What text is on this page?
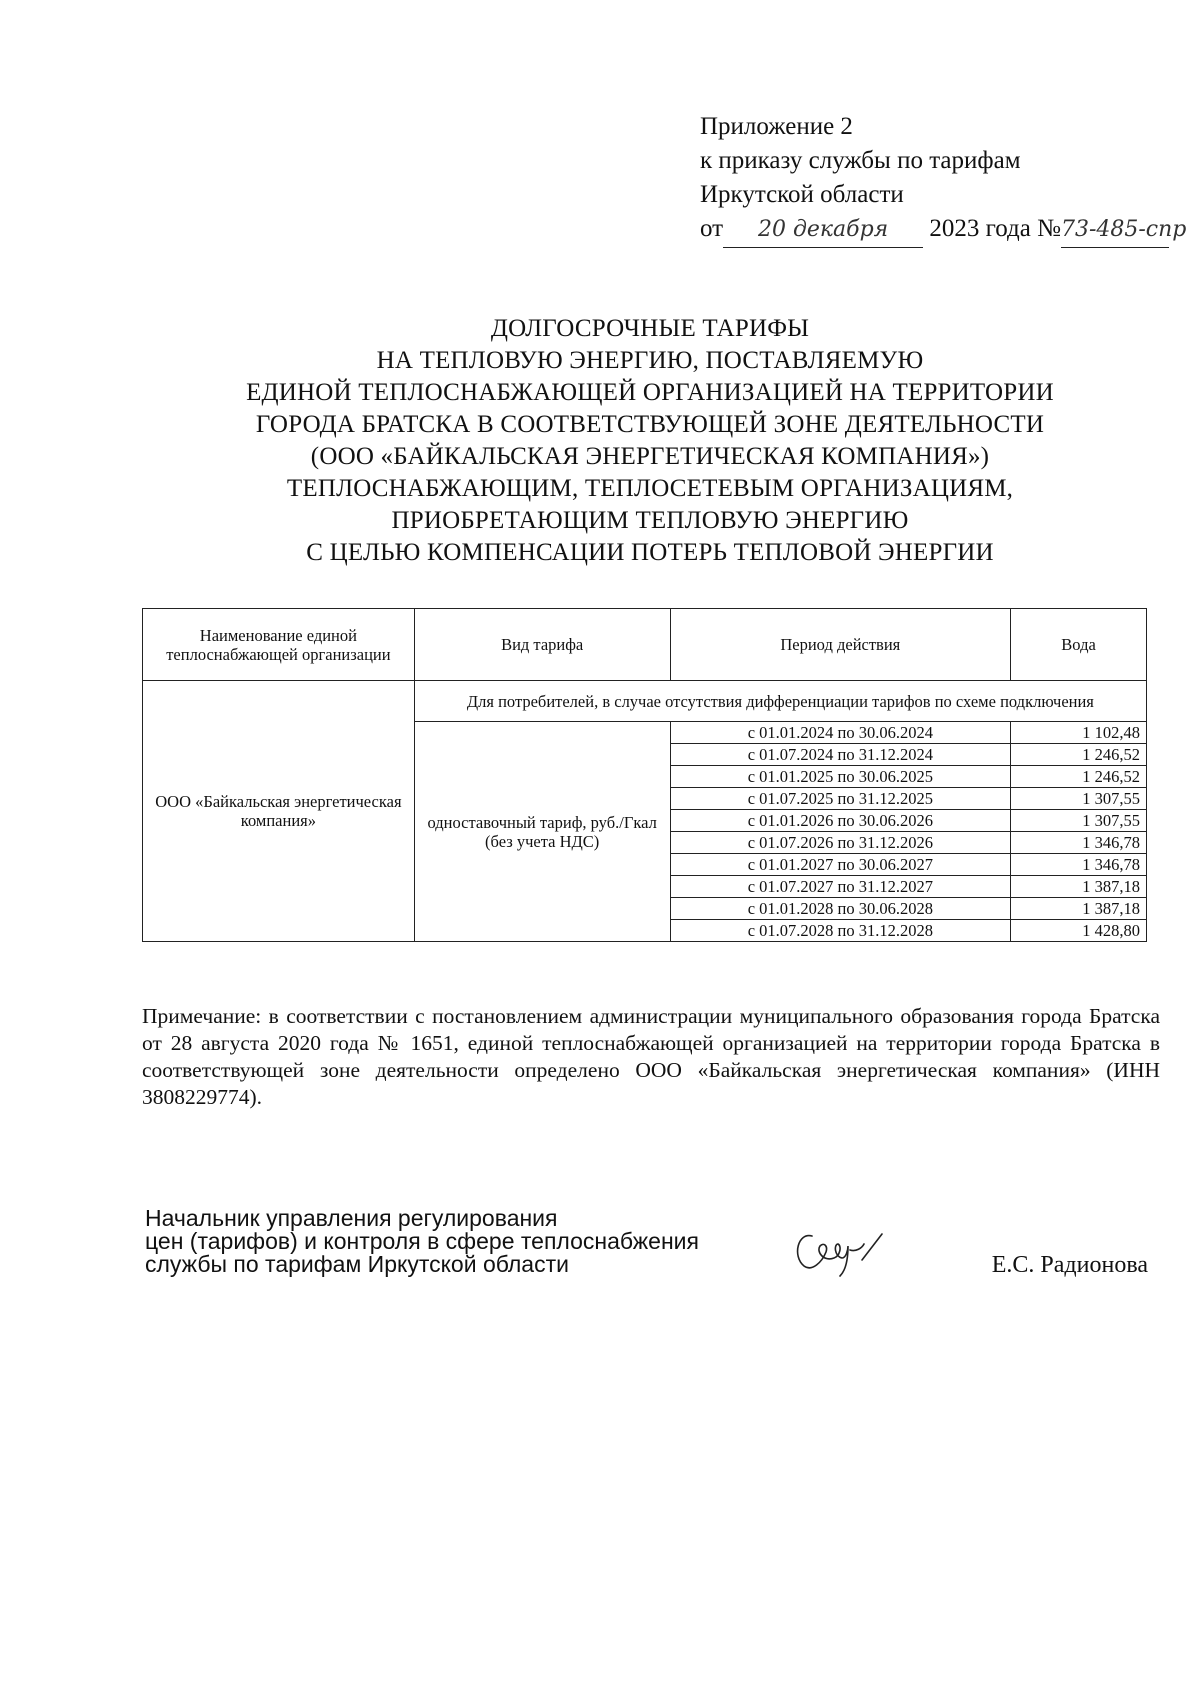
Приложение 2
к приказу службы по тарифам
Иркутской области
от 20 декабря 2023 года №73-485-спр
ДОЛГОСРОЧНЫЕ ТАРИФЫ
НА ТЕПЛОВУЮ ЭНЕРГИЮ, ПОСТАВЛЯЕМУЮ
ЕДИНОЙ ТЕПЛОСНАБЖАЮЩЕЙ ОРГАНИЗАЦИЕЙ НА ТЕРРИТОРИИ
ГОРОДА БРАТСКА В СООТВЕТСТВУЮЩЕЙ ЗОНЕ ДЕЯТЕЛЬНОСТИ
(ООО «БАЙКАЛЬСКАЯ ЭНЕРГЕТИЧЕСКАЯ КОМПАНИЯ»)
ТЕПЛОСНАБЖАЮЩИМ, ТЕПЛОСЕТЕВЫМ ОРГАНИЗАЦИЯМ,
ПРИОБРЕТАЮЩИМ ТЕПЛОВУЮ ЭНЕРГИЮ
С ЦЕЛЬЮ КОМПЕНСАЦИИ ПОТЕРЬ ТЕПЛОВОЙ ЭНЕРГИИ
Наименование единой теплоснабжающей организации	Вид тарифа	Период действия	Вода
ООО «Байкальская энергетическая компания»	Для потребителей, в случае отсутствия дифференциации тарифов по схеме подключения		
	одноставочный тариф, руб./Гкал (без учета НДС)	с 01.01.2024 по 30.06.2024	1 102,48
		с 01.07.2024 по 31.12.2024	1 246,52
		с 01.01.2025 по 30.06.2025	1 246,52
		с 01.07.2025 по 31.12.2025	1 307,55
		с 01.01.2026 по 30.06.2026	1 307,55
		с 01.07.2026 по 31.12.2026	1 346,78
		с 01.01.2027 по 30.06.2027	1 346,78
		с 01.07.2027 по 31.12.2027	1 387,18
		с 01.01.2028 по 30.06.2028	1 387,18
		с 01.07.2028 по 31.12.2028	1 428,80
Примечание: в соответствии с постановлением администрации муниципального образования города Братска от 28 августа 2020 года № 1651, единой теплоснабжающей организацией на территории города Братска в соответствующей зоне деятельности определено ООО «Байкальская энергетическая компания» (ИНН 3808229774).
Начальник управления регулирования
цен (тарифов) и контроля в сфере теплоснабжения
службы по тарифам Иркутской области	Е.С. Радионова
